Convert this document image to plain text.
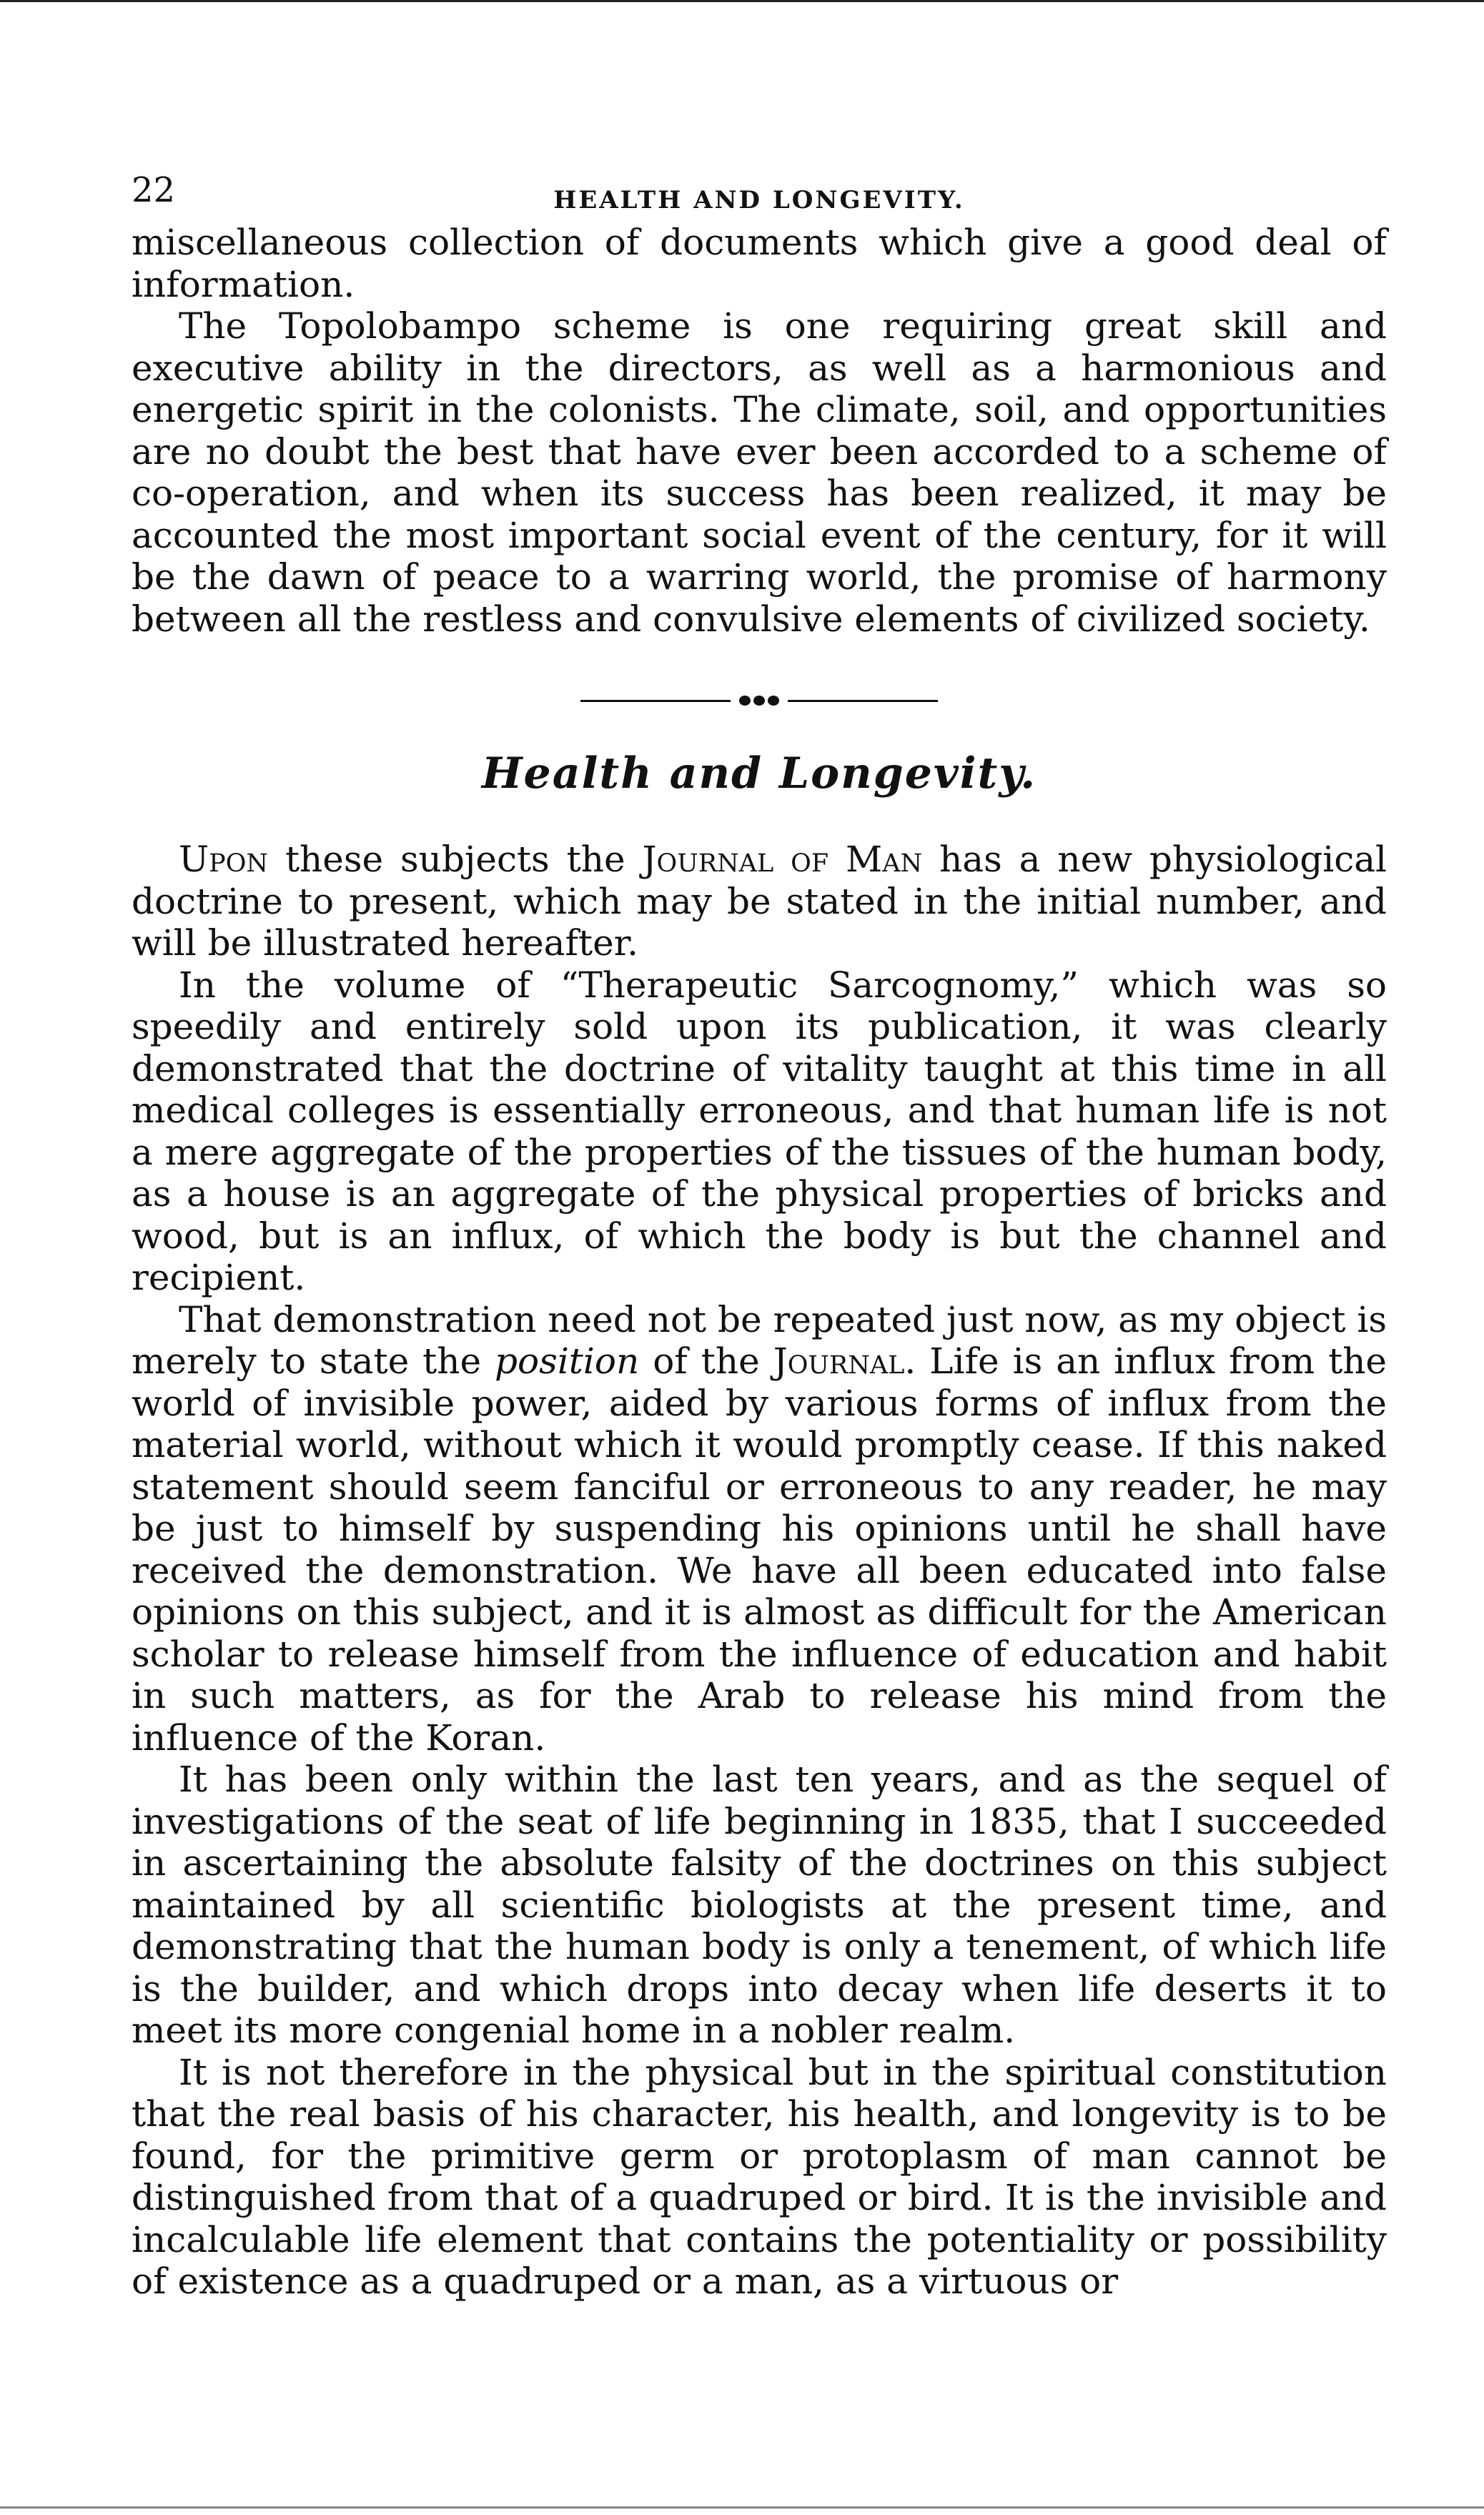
22	HEALTH AND LONGEVITY.

miscellaneous collection of documents which give a good deal of information.

The Topolobampo scheme is one requiring great skill and executive ability in the directors, as well as a harmonious and energetic spirit in the colonists. The climate, soil, and opportunities are no doubt the best that have ever been accorded to a scheme of co-operation, and when its success has been realized, it may be accounted the most important social event of the century, for it will be the dawn of peace to a warring world, the promise of harmony between all the restless and convulsive elements of civilized society.

Health and Longevity.

Upon these subjects the Journal of Man has a new physiological doctrine to present, which may be stated in the initial number, and will be illustrated hereafter.

In the volume of “Therapeutic Sarcognomy,” which was so speedily and entirely sold upon its publication, it was clearly demonstrated that the doctrine of vitality taught at this time in all medical colleges is essentially erroneous, and that human life is not a mere aggregate of the properties of the tissues of the human body, as a house is an aggregate of the physical properties of bricks and wood, but is an influx, of which the body is but the channel and recipient.

That demonstration need not be repeated just now, as my object is merely to state the position of the Journal. Life is an influx from the world of invisible power, aided by various forms of influx from the material world, without which it would promptly cease. If this naked statement should seem fanciful or erroneous to any reader, he may be just to himself by suspending his opinions until he shall have received the demonstration. We have all been educated into false opinions on this subject, and it is almost as difficult for the American scholar to release himself from the influence of education and habit in such matters, as for the Arab to release his mind from the influence of the Koran.

It has been only within the last ten years, and as the sequel of investigations of the seat of life beginning in 1835, that I succeeded in ascertaining the absolute falsity of the doctrines on this subject maintained by all scientific biologists at the present time, and demonstrating that the human body is only a tenement, of which life is the builder, and which drops into decay when life deserts it to meet its more congenial home in a nobler realm.

It is not therefore in the physical but in the spiritual constitution that the real basis of his character, his health, and longevity is to be found, for the primitive germ or protoplasm of man cannot be distinguished from that of a quadruped or bird. It is the invisible and incalculable life element that contains the potentiality or possibility of existence as a quadruped or a man, as a virtuous or
